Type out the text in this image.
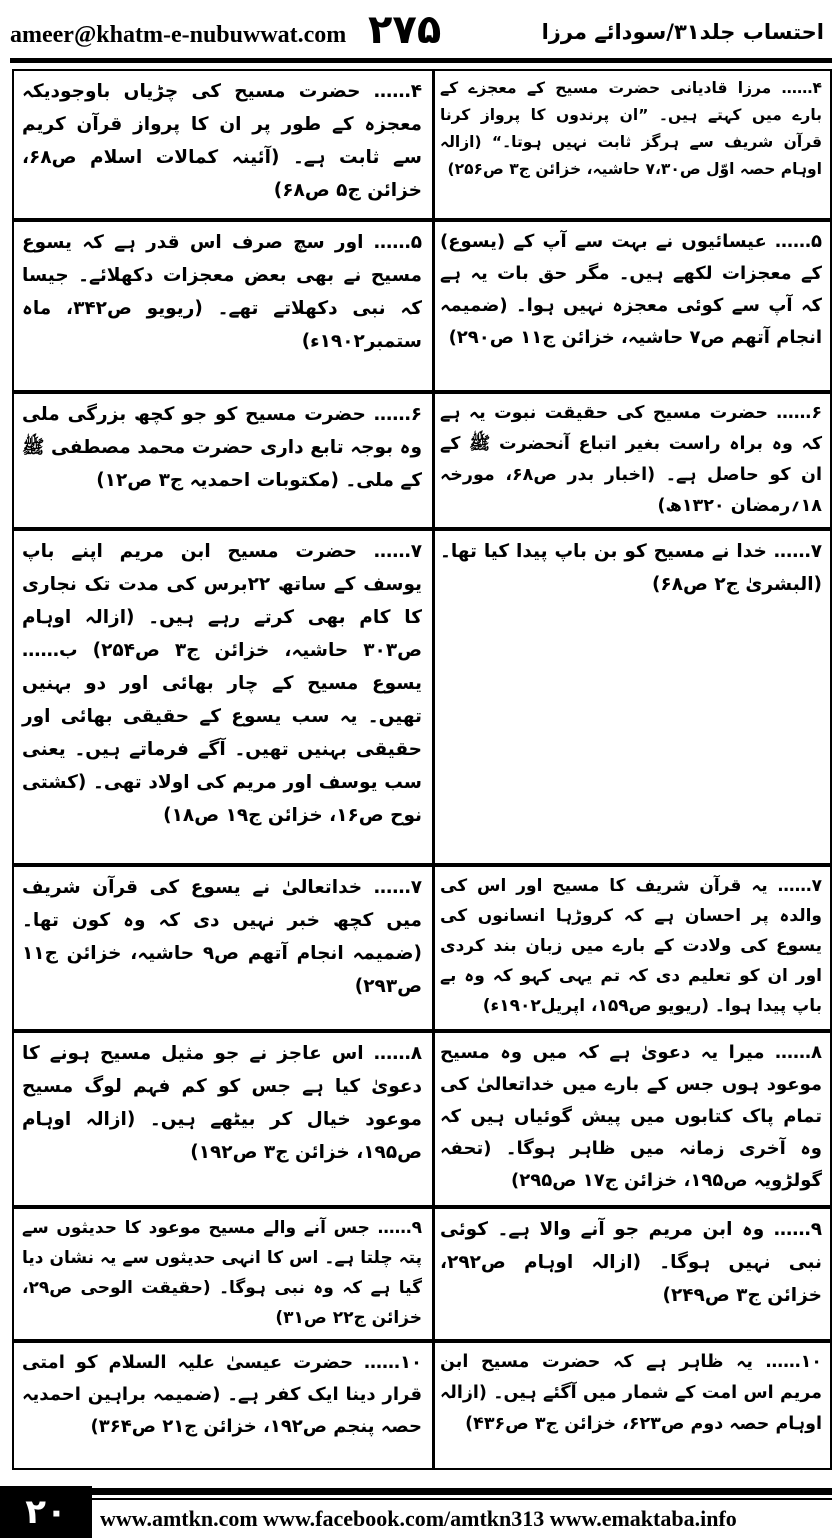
ameer@khatm-e-nubuwwat.com ۲۷۵	احتساب جلد۳۱/سودائے مرزا
۴…… مرزا قادیانی حضرت مسیح کے معجزے کے بارے میں کہتے ہیں۔ ”ان پرندوں کا پرواز کرنا قرآن شریف سے ہرگز ثابت نہیں ہوتا۔“ (ازالہ اوہام حصہ اوّل ص۷،۳۰ حاشیہ، خزائن ج۳ ص۲۵۶)
۴…… حضرت مسیح کی چڑیاں باوجودیکہ معجزہ کے طور پر ان کا پرواز قرآن کریم سے ثابت ہے۔ (آئینہ کمالات اسلام ص۶۸، خزائن ج۵ ص۶۸)
۵…… عیسائیوں نے بہت سے آپ کے (یسوع) کے معجزات لکھے ہیں۔ مگر حق بات یہ ہے کہ آپ سے کوئی معجزہ نہیں ہوا۔ (ضمیمہ انجام آتھم ص۷ حاشیہ، خزائن ج۱۱ ص۲۹۰)
۵…… اور سچ صرف اس قدر ہے کہ یسوع مسیح نے بھی بعض معجزات دکھلائے۔ جیسا کہ نبی دکھلاتے تھے۔ (ریویو ص۳۴۲، ماہ ستمبر۱۹۰۲ء)
۶…… حضرت مسیح کی حقیقت نبوت یہ ہے کہ وہ براہ راست بغیر اتباع آنحضرت ﷺ کے ان کو حاصل ہے۔ (اخبار بدر ص۶۸، مورخہ ۱۸؍رمضان ۱۳۲۰ھ)
۶…… حضرت مسیح کو جو کچھ بزرگی ملی وہ بوجہ تابع داری حضرت محمد مصطفی ﷺ کے ملی۔ (مکتوبات احمدیہ ج۳ ص۱۲)
۷…… خدا نے مسیح کو بن باپ پیدا کیا تھا۔ (البشریٰ ج۲ ص۶۸)
۷…… حضرت مسیح ابن مریم اپنے باپ یوسف کے ساتھ ۲۲برس کی مدت تک نجاری کا کام بھی کرتے رہے ہیں۔ (ازالہ اوہام ص۳۰۳ حاشیہ، خزائن ج۳ ص۲۵۴) ب…… یسوع مسیح کے چار بھائی اور دو بہنیں تھیں۔ یہ سب یسوع کے حقیقی بھائی اور حقیقی بہنیں تھیں۔ آگے فرماتے ہیں۔ یعنی سب یوسف اور مریم کی اولاد تھی۔ (کشتی نوح ص۱۶، خزائن ج۱۹ ص۱۸)
۷…… یہ قرآن شریف کا مسیح اور اس کی والدہ پر احسان ہے کہ کروڑہا انسانوں کی یسوع کی ولادت کے بارے میں زبان بند کردی اور ان کو تعلیم دی کہ تم یہی کہو کہ وہ بے باپ پیدا ہوا۔ (ریویو ص۱۵۹، اپریل۱۹۰۲ء)
۷…… خداتعالیٰ نے یسوع کی قرآن شریف میں کچھ خبر نہیں دی کہ وہ کون تھا۔ (ضمیمہ انجام آتھم ص۹ حاشیہ، خزائن ج۱۱ ص۲۹۳)
۸…… میرا یہ دعویٰ ہے کہ میں وہ مسیح موعود ہوں جس کے بارے میں خداتعالیٰ کی تمام پاک کتابوں میں پیش گوئیاں ہیں کہ وہ آخری زمانہ میں ظاہر ہوگا۔ (تحفہ گولڑویہ ص۱۹۵، خزائن ج۱۷ ص۲۹۵)
۸…… اس عاجز نے جو مثیل مسیح ہونے کا دعویٰ کیا ہے جس کو کم فہم لوگ مسیح موعود خیال کر بیٹھے ہیں۔ (ازالہ اوہام ص۱۹۵، خزائن ج۳ ص۱۹۲)
۹…… وہ ابن مریم جو آنے والا ہے۔ کوئی نبی نہیں ہوگا۔ (ازالہ اوہام ص۲۹۲، خزائن ج۳ ص۲۴۹)
۹…… جس آنے والے مسیح موعود کا حدیثوں سے پتہ چلتا ہے۔ اس کا انہی حدیثوں سے یہ نشان دیا گیا ہے کہ وہ نبی ہوگا۔ (حقیقت الوحی ص۲۹، خزائن ج۲۲ ص۳۱)
۱۰…… یہ ظاہر ہے کہ حضرت مسیح ابن مریم اس امت کے شمار میں آگئے ہیں۔ (ازالہ اوہام حصہ دوم ص۶۲۳، خزائن ج۳ ص۴۳۶)
۱۰…… حضرت عیسیٰ علیہ السلام کو امتی قرار دینا ایک کفر ہے۔ (ضمیمہ براہین احمدیہ حصہ پنجم ص۱۹۲، خزائن ج۲۱ ص۳۶۴)
۲۰	www.amtkn.com www.facebook.com/amtkn313 www.emaktaba.info
